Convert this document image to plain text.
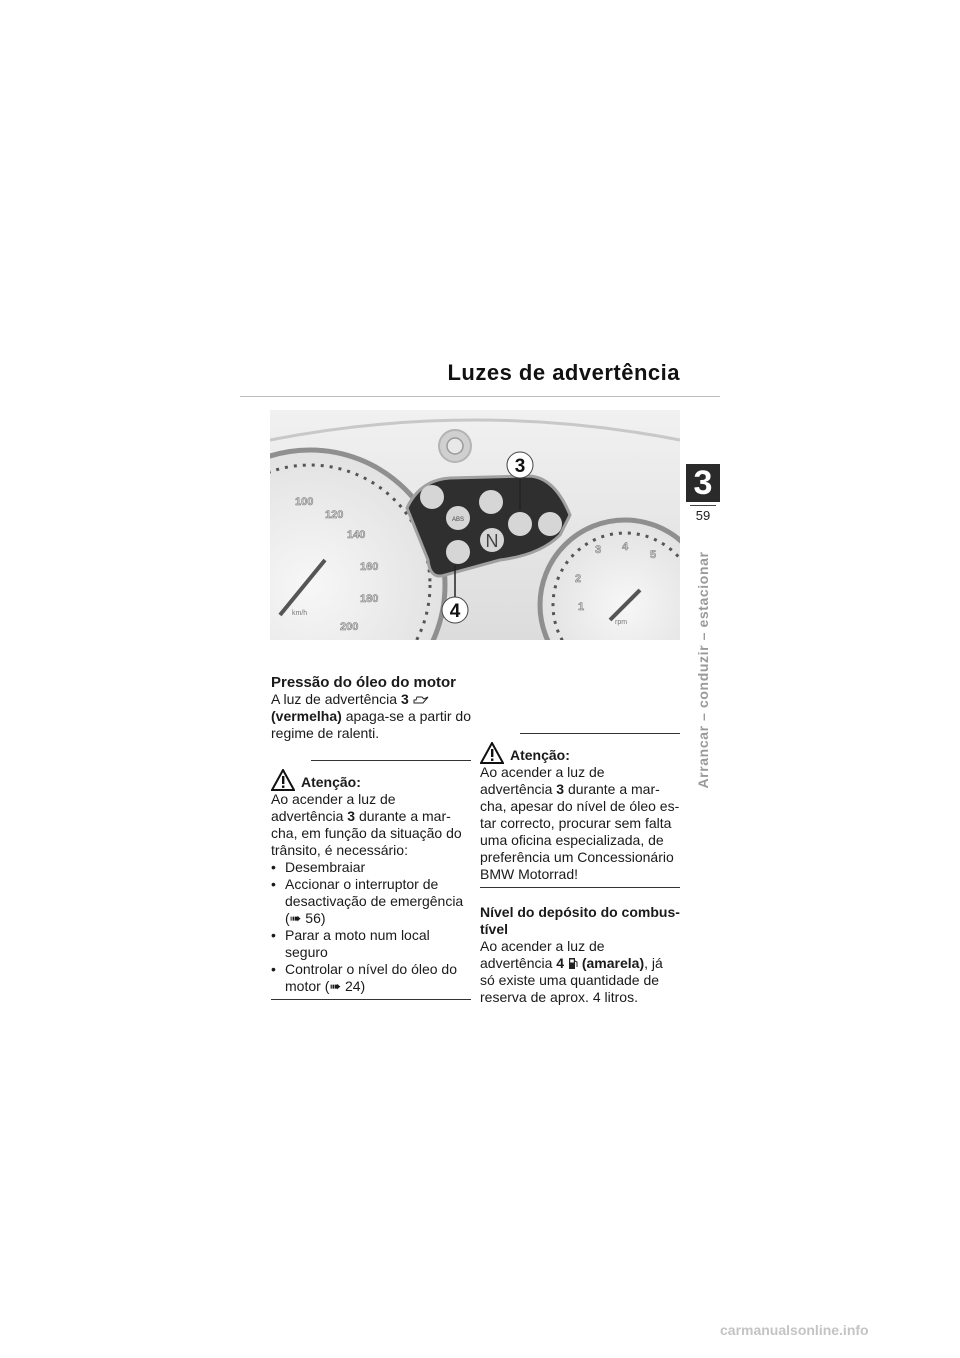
Luzes de advertência
3
59
Arrancar – conduzir – estacionar
ABS
N
3
4
100
120
140
160
180
200
1
2
3 4
5
km/h
rpm
Pressão do óleo do motor

A luz de advertência 3  (vermelha) apaga-se a partir do regime de ralenti.

Atenção:

Ao acender a luz de advertência 3 durante a mar-cha, em função da situação do trânsito, é necessário:

• Desembraiar
• Accionar o interruptor de desactivação de emergência (➠ 56)
• Parar a moto num local seguro
• Controlar o nível do óleo do motor (➠ 24)
Atenção:

Ao acender a luz de advertência 3 durante a mar-cha, apesar do nível de óleo es-tar correcto, procurar sem falta uma oficina especializada, de preferência um Concessionário BMW Motorrad!

Nível do depósito do combus-tível

Ao acender a luz de advertência 4 (amarela), já só existe uma quantidade de reserva de aprox. 4 litros.

carmanualsonline.info
